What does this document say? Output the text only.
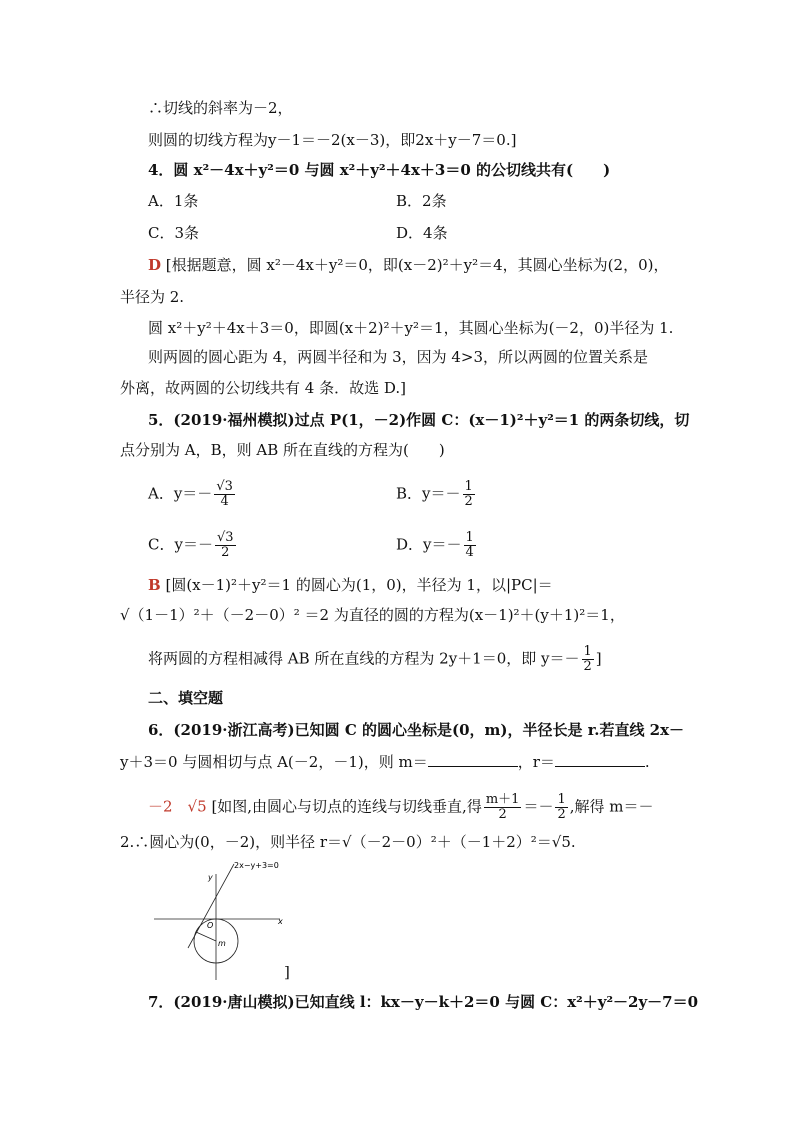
∴切线的斜率为－2，
则圆的切线方程为y－1＝－2(x－3)，即2x＋y－7＝0.]
4．圆 x²－4x＋y²＝0 与圆 x²＋y²＋4x＋3＝0 的公切线共有(　　)
A．1条	B．2条
C．3条	D．4条
D [根据题意，圆 x²－4x＋y²＝0，即(x－2)²＋y²＝4，其圆心坐标为(2，0)，
半径为 2.
圆 x²＋y²＋4x＋3＝0，即圆(x＋2)²＋y²＝1，其圆心坐标为(－2，0)半径为 1.
则两圆的圆心距为 4，两圆半径和为 3，因为 4>3，所以两圆的位置关系是
外离，故两圆的公切线共有 4 条．故选 D.]
5．(2019·福州模拟)过点 P(1，－2)作圆 C：(x－1)²＋y²＝1 的两条切线，切
点分别为 A，B，则 AB 所在直线的方程为(　　)
A．$y=- \frac{√3}{4}$	B．$y=- \frac{1}{2}$
C．$y=- \frac{√3}{2}$	D．$y=- \frac{1}{4}$
B [圆(x－1)²＋y²＝1 的圆心为(1，0)，半径为 1，以|PC|＝
√（1－1）²＋（－2－0）² ＝2 为直径的圆的方程为(x－1)²＋(y＋1)²＝1，
将两圆的方程相减得 AB 所在直线的方程为 2y＋1＝0，即 $y=- \frac{1}{2}$ ]
二、填空题
6．(2019·浙江高考)已知圆 C 的圆心坐标是(0，m)，半径长是 r.若直线 2x－
y＋3＝0 与圆相切与点 A(－2，－1)，则 m＝	，r＝	.
－2　√5 [如图,由圆心与切点的连线与切线垂直,得 $\frac{m+1}{2} =- \frac{1}{2}$ ,解得 m＝－
2.∴圆心为(0，－2)，则半径 r＝√（－2－0）²＋（－1＋2）²＝√5.
2x−y+3=0
y
x
O
m
]
7．(2019·唐山模拟)已知直线 l：kx－y－k＋2＝0 与圆 C：x²＋y²－2y－7＝0
